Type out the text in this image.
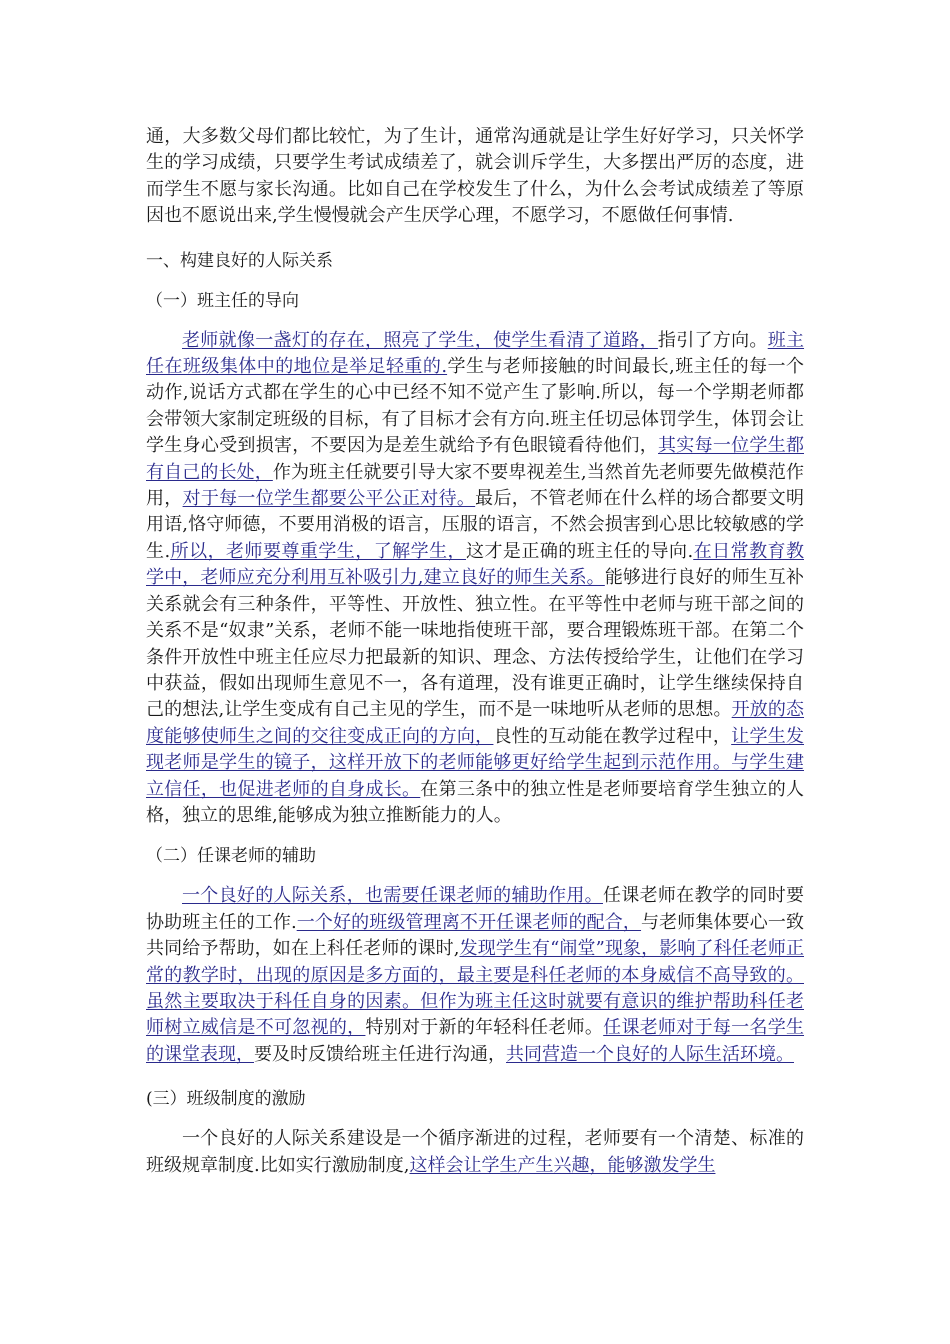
通，大多数父母们都比较忙，为了生计，通常沟通就是让学生好好学习，只关怀学生的学习成绩，只要学生考试成绩差了，就会训斥学生，大多摆出严厉的态度，进而学生不愿与家长沟通。比如自己在学校发生了什么，为什么会考试成绩差了等原因也不愿说出来,学生慢慢就会产生厌学心理，不愿学习，不愿做任何事情.

一、构建良好的人际关系

（一）班主任的导向

老师就像一盏灯的存在，照亮了学生，使学生看清了道路，指引了方向。班主任在班级集体中的地位是举足轻重的.学生与老师接触的时间最长,班主任的每一个动作,说话方式都在学生的心中已经不知不觉产生了影响.所以，每一个学期老师都会带领大家制定班级的目标，有了目标才会有方向.班主任切忌体罚学生，体罚会让学生身心受到损害，不要因为是差生就给予有色眼镜看待他们，其实每一位学生都有自己的长处，作为班主任就要引导大家不要卑视差生,当然首先老师要先做模范作用，对于每一位学生都要公平公正对待。最后，不管老师在什么样的场合都要文明用语,恪守师德，不要用消极的语言，压服的语言，不然会损害到心思比较敏感的学生.所以，老师要尊重学生，了解学生，这才是正确的班主任的导向.在日常教育教学中，老师应充分利用互补吸引力,建立良好的师生关系。能够进行良好的师生互补关系就会有三种条件，平等性、开放性、独立性。在平等性中老师与班干部之间的关系不是“奴隶”关系，老师不能一味地指使班干部，要合理锻炼班干部。在第二个条件开放性中班主任应尽力把最新的知识、理念、方法传授给学生，让他们在学习中获益，假如出现师生意见不一，各有道理，没有谁更正确时，让学生继续保持自己的想法,让学生变成有自己主见的学生，而不是一味地听从老师的思想。开放的态度能够使师生之间的交往变成正向的方向，良性的互动能在教学过程中，让学生发现老师是学生的镜子，这样开放下的老师能够更好给学生起到示范作用。与学生建立信任，也促进老师的自身成长。在第三条中的独立性是老师要培育学生独立的人格，独立的思维,能够成为独立推断能力的人。

（二）任课老师的辅助

一个良好的人际关系，也需要任课老师的辅助作用。任课老师在教学的同时要协助班主任的工作.一个好的班级管理离不开任课老师的配合，与老师集体要心一致共同给予帮助，如在上科任老师的课时,发现学生有“闹堂”现象，影响了科任老师正常的教学时，出现的原因是多方面的，最主要是科任老师的本身威信不高导致的。虽然主要取决于科任自身的因素。但作为班主任这时就要有意识的维护帮助科任老师树立威信是不可忽视的，特别对于新的年轻科任老师。任课老师对于每一名学生的课堂表现，要及时反馈给班主任进行沟通，共同营造一个良好的人际生活环境。

(三）班级制度的激励

一个良好的人际关系建设是一个循序渐进的过程，老师要有一个清楚、标准的班级规章制度.比如实行激励制度,这样会让学生产生兴趣，能够激发学生
